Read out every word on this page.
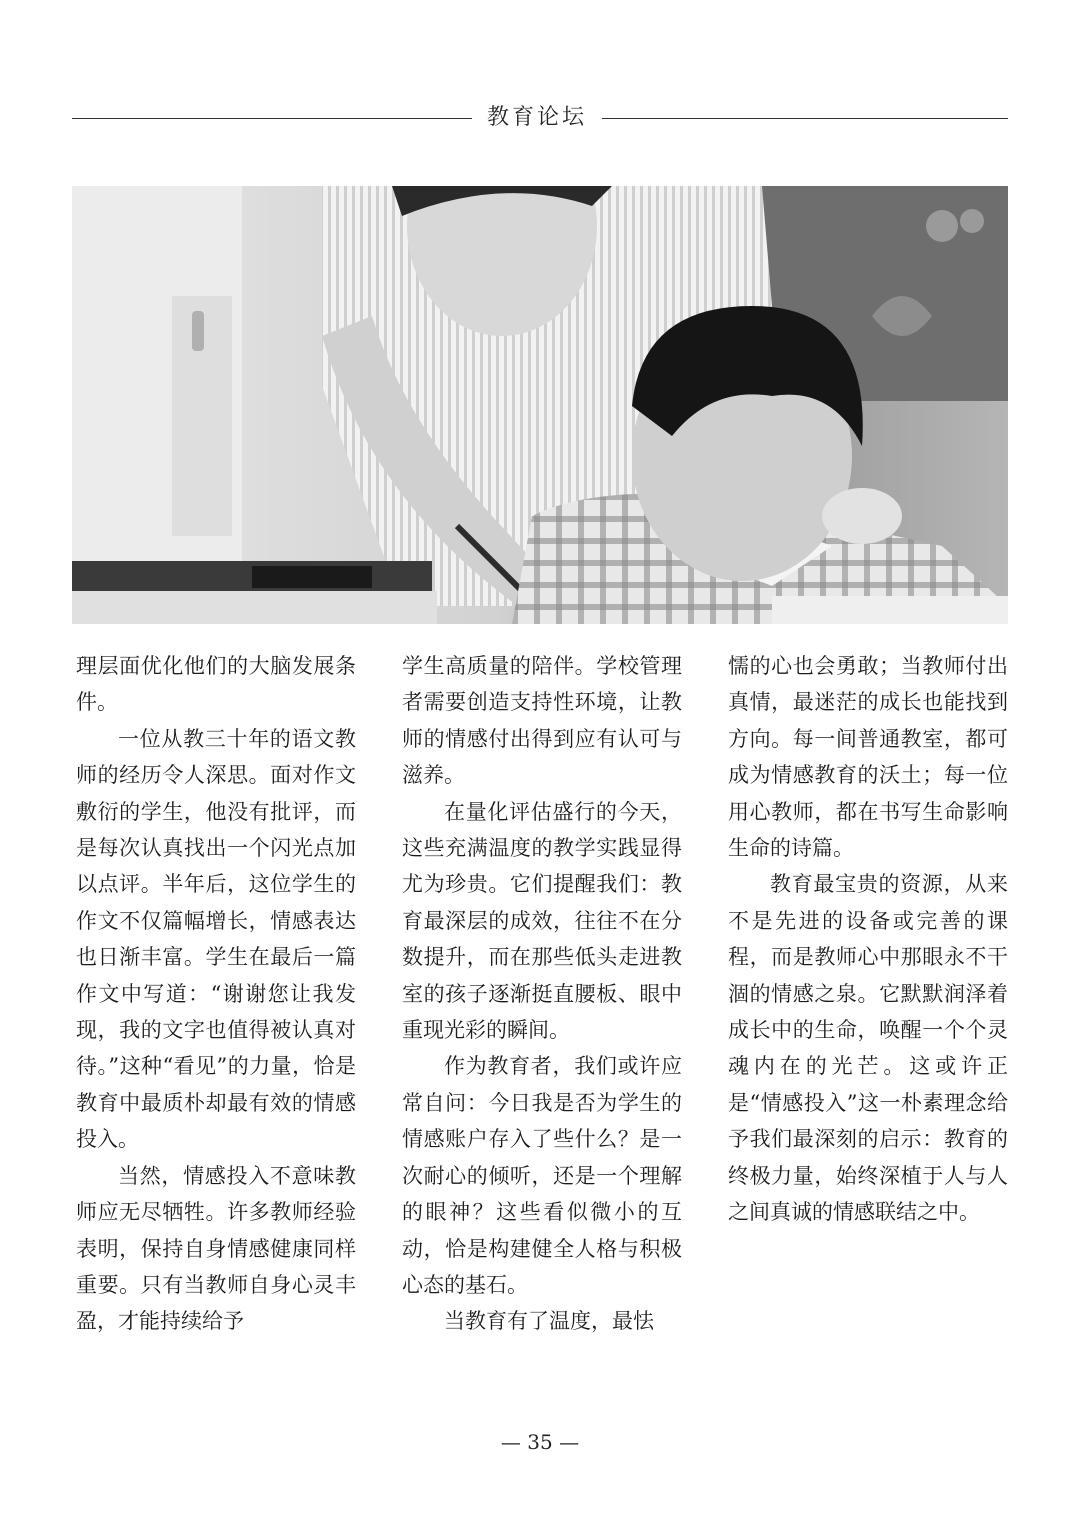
教育论坛

理层面优化他们的大脑发展条件。

一位从教三十年的语文教师的经历令人深思。面对作文敷衍的学生，他没有批评，而是每次认真找出一个闪光点加以点评。半年后，这位学生的作文不仅篇幅增长，情感表达也日渐丰富。学生在最后一篇作文中写道：“谢谢您让我发现，我的文字也值得被认真对待。”这种“看见”的力量，恰是教育中最质朴却最有效的情感投入。

当然，情感投入不意味教师应无尽牺牲。许多教师经验表明，保持自身情感健康同样重要。只有当教师自身心灵丰盈，才能持续给予

学生高质量的陪伴。学校管理者需要创造支持性环境，让教师的情感付出得到应有认可与滋养。

在量化评估盛行的今天，这些充满温度的教学实践显得尤为珍贵。它们提醒我们：教育最深层的成效，往往不在分数提升，而在那些低头走进教室的孩子逐渐挺直腰板、眼中重现光彩的瞬间。

作为教育者，我们或许应常自问：今日我是否为学生的情感账户存入了些什么？是一次耐心的倾听，还是一个理解的眼神？这些看似微小的互动，恰是构建健全人格与积极心态的基石。

当教育有了温度，最怯

懦的心也会勇敢；当教师付出真情，最迷茫的成长也能找到方向。每一间普通教室，都可成为情感教育的沃土；每一位用心教师，都在书写生命影响生命的诗篇。

教育最宝贵的资源，从来不是先进的设备或完善的课程，而是教师心中那眼永不干涸的情感之泉。它默默润泽着成长中的生命，唤醒一个个灵魂内在的光芒。这或许正是“情感投入”这一朴素理念给予我们最深刻的启示：教育的终极力量，始终深植于人与人之间真诚的情感联结之中。

— 35 —
